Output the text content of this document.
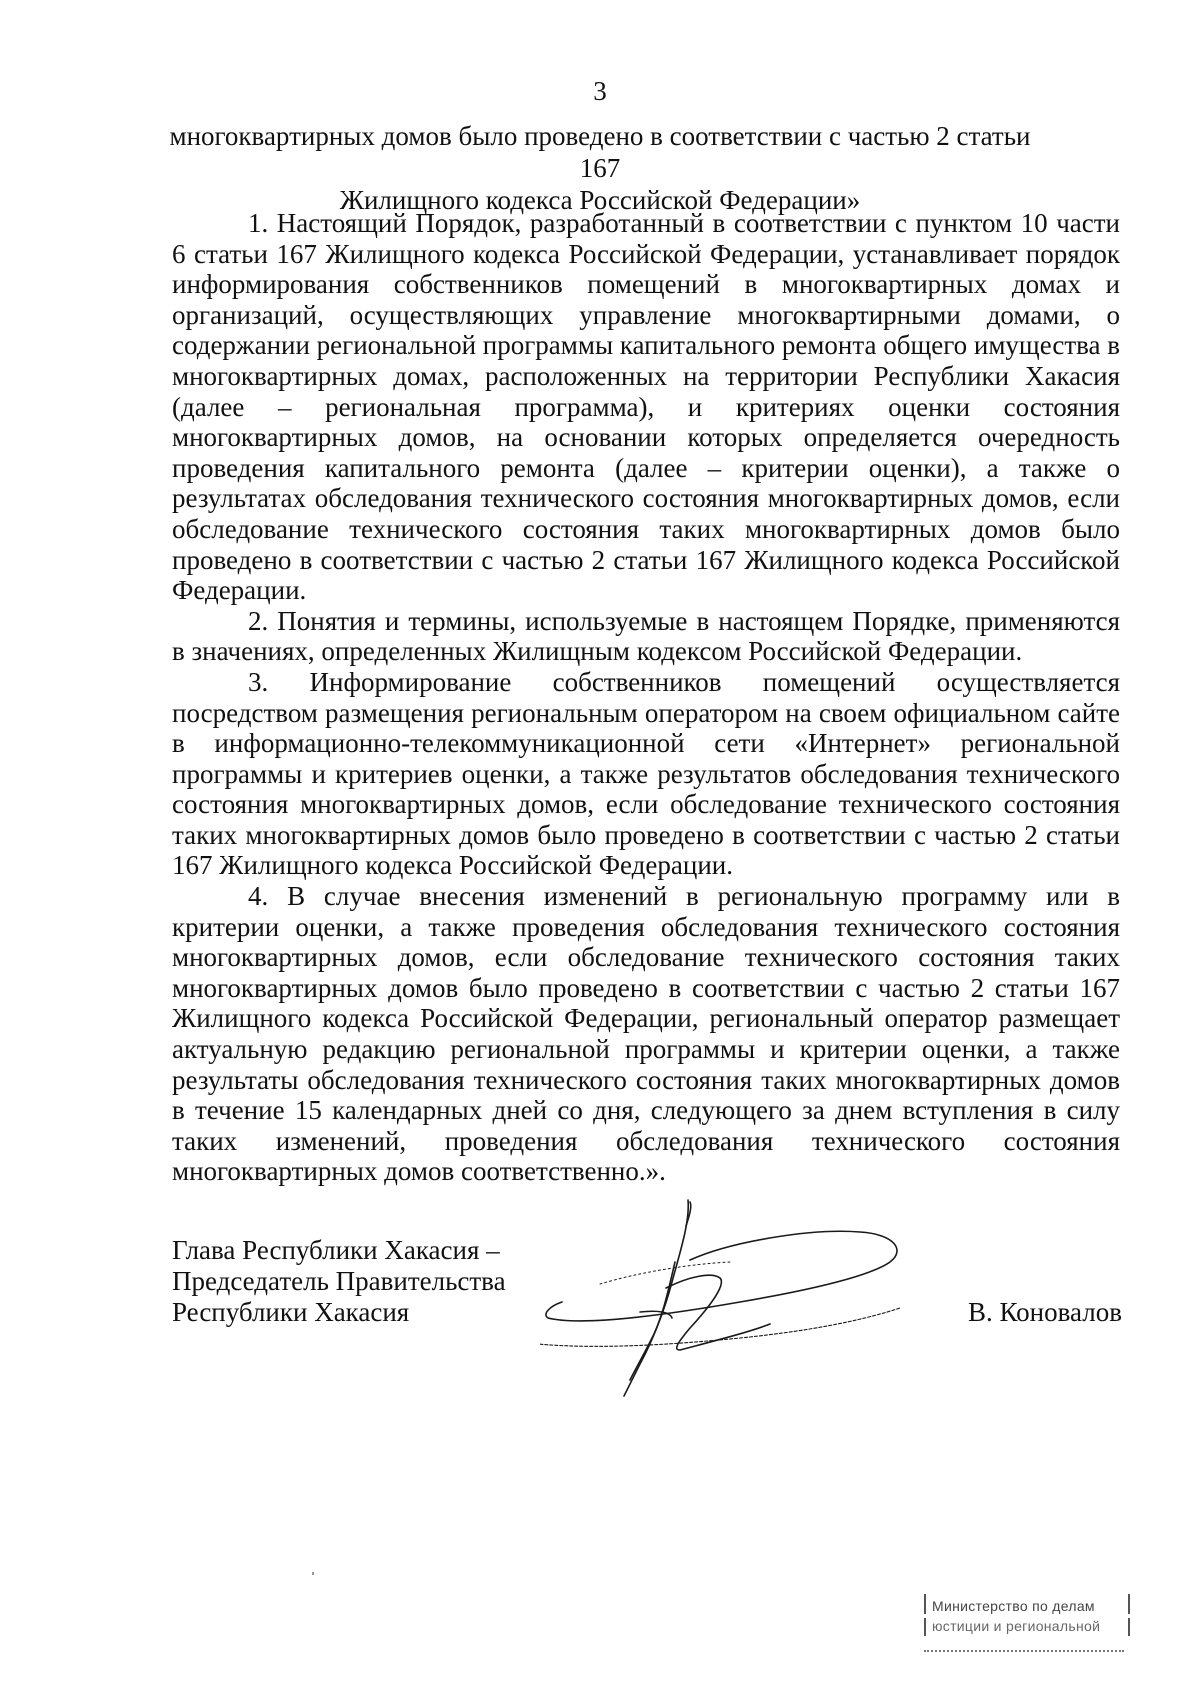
3
многоквартирных домов было проведено в соответствии с частью 2 статьи 167
Жилищного кодекса Российской Федерации»

1. Настоящий Порядок, разработанный в соответствии с пунктом 10 части 6 статьи 167 Жилищного кодекса Российской Федерации, устанавливает порядок информирования собственников помещений в многоквартирных домах и организаций, осуществляющих управление многоквартирными домами, о содержании региональной программы капитального ремонта общего имущества в многоквартирных домах, расположенных на территории Республики Хакасия (далее – региональная программа), и критериях оценки состояния многоквартирных домов, на основании которых определяется очередность проведения капитального ремонта (далее – критерии оценки), а также о результатах обследования технического состояния многоквартирных домов, если обследование технического состояния таких многоквартирных домов было проведено в соответствии с частью 2 статьи 167 Жилищного кодекса Российской Федерации.

2. Понятия и термины, используемые в настоящем Порядке, применяются в значениях, определенных Жилищным кодексом Российской Федерации.

3. Информирование собственников помещений осуществляется посредством размещения региональным оператором на своем официальном сайте в информационно-телекоммуникационной сети «Интернет» региональной программы и критериев оценки, а также результатов обследования технического состояния многоквартирных домов, если обследование технического состояния таких многоквартирных домов было проведено в соответствии с частью 2 статьи 167 Жилищного кодекса Российской Федерации.

4. В случае внесения изменений в региональную программу или в критерии оценки, а также проведения обследования технического состояния многоквартирных домов, если обследование технического состояния таких многоквартирных домов было проведено в соответствии с частью 2 статьи 167 Жилищного кодекса Российской Федерации, региональный оператор размещает актуальную редакцию региональной программы и критерии оценки, а также результаты обследования технического состояния таких многоквартирных домов в течение 15 календарных дней со дня, следующего за днем вступления в силу таких изменений, проведения обследования технического состояния многоквартирных домов соответственно.».

Глава Республики Хакасия –
Председатель Правительства
Республики Хакасия	В. Коновалов
Министерство по делам
юстиции и региональной
